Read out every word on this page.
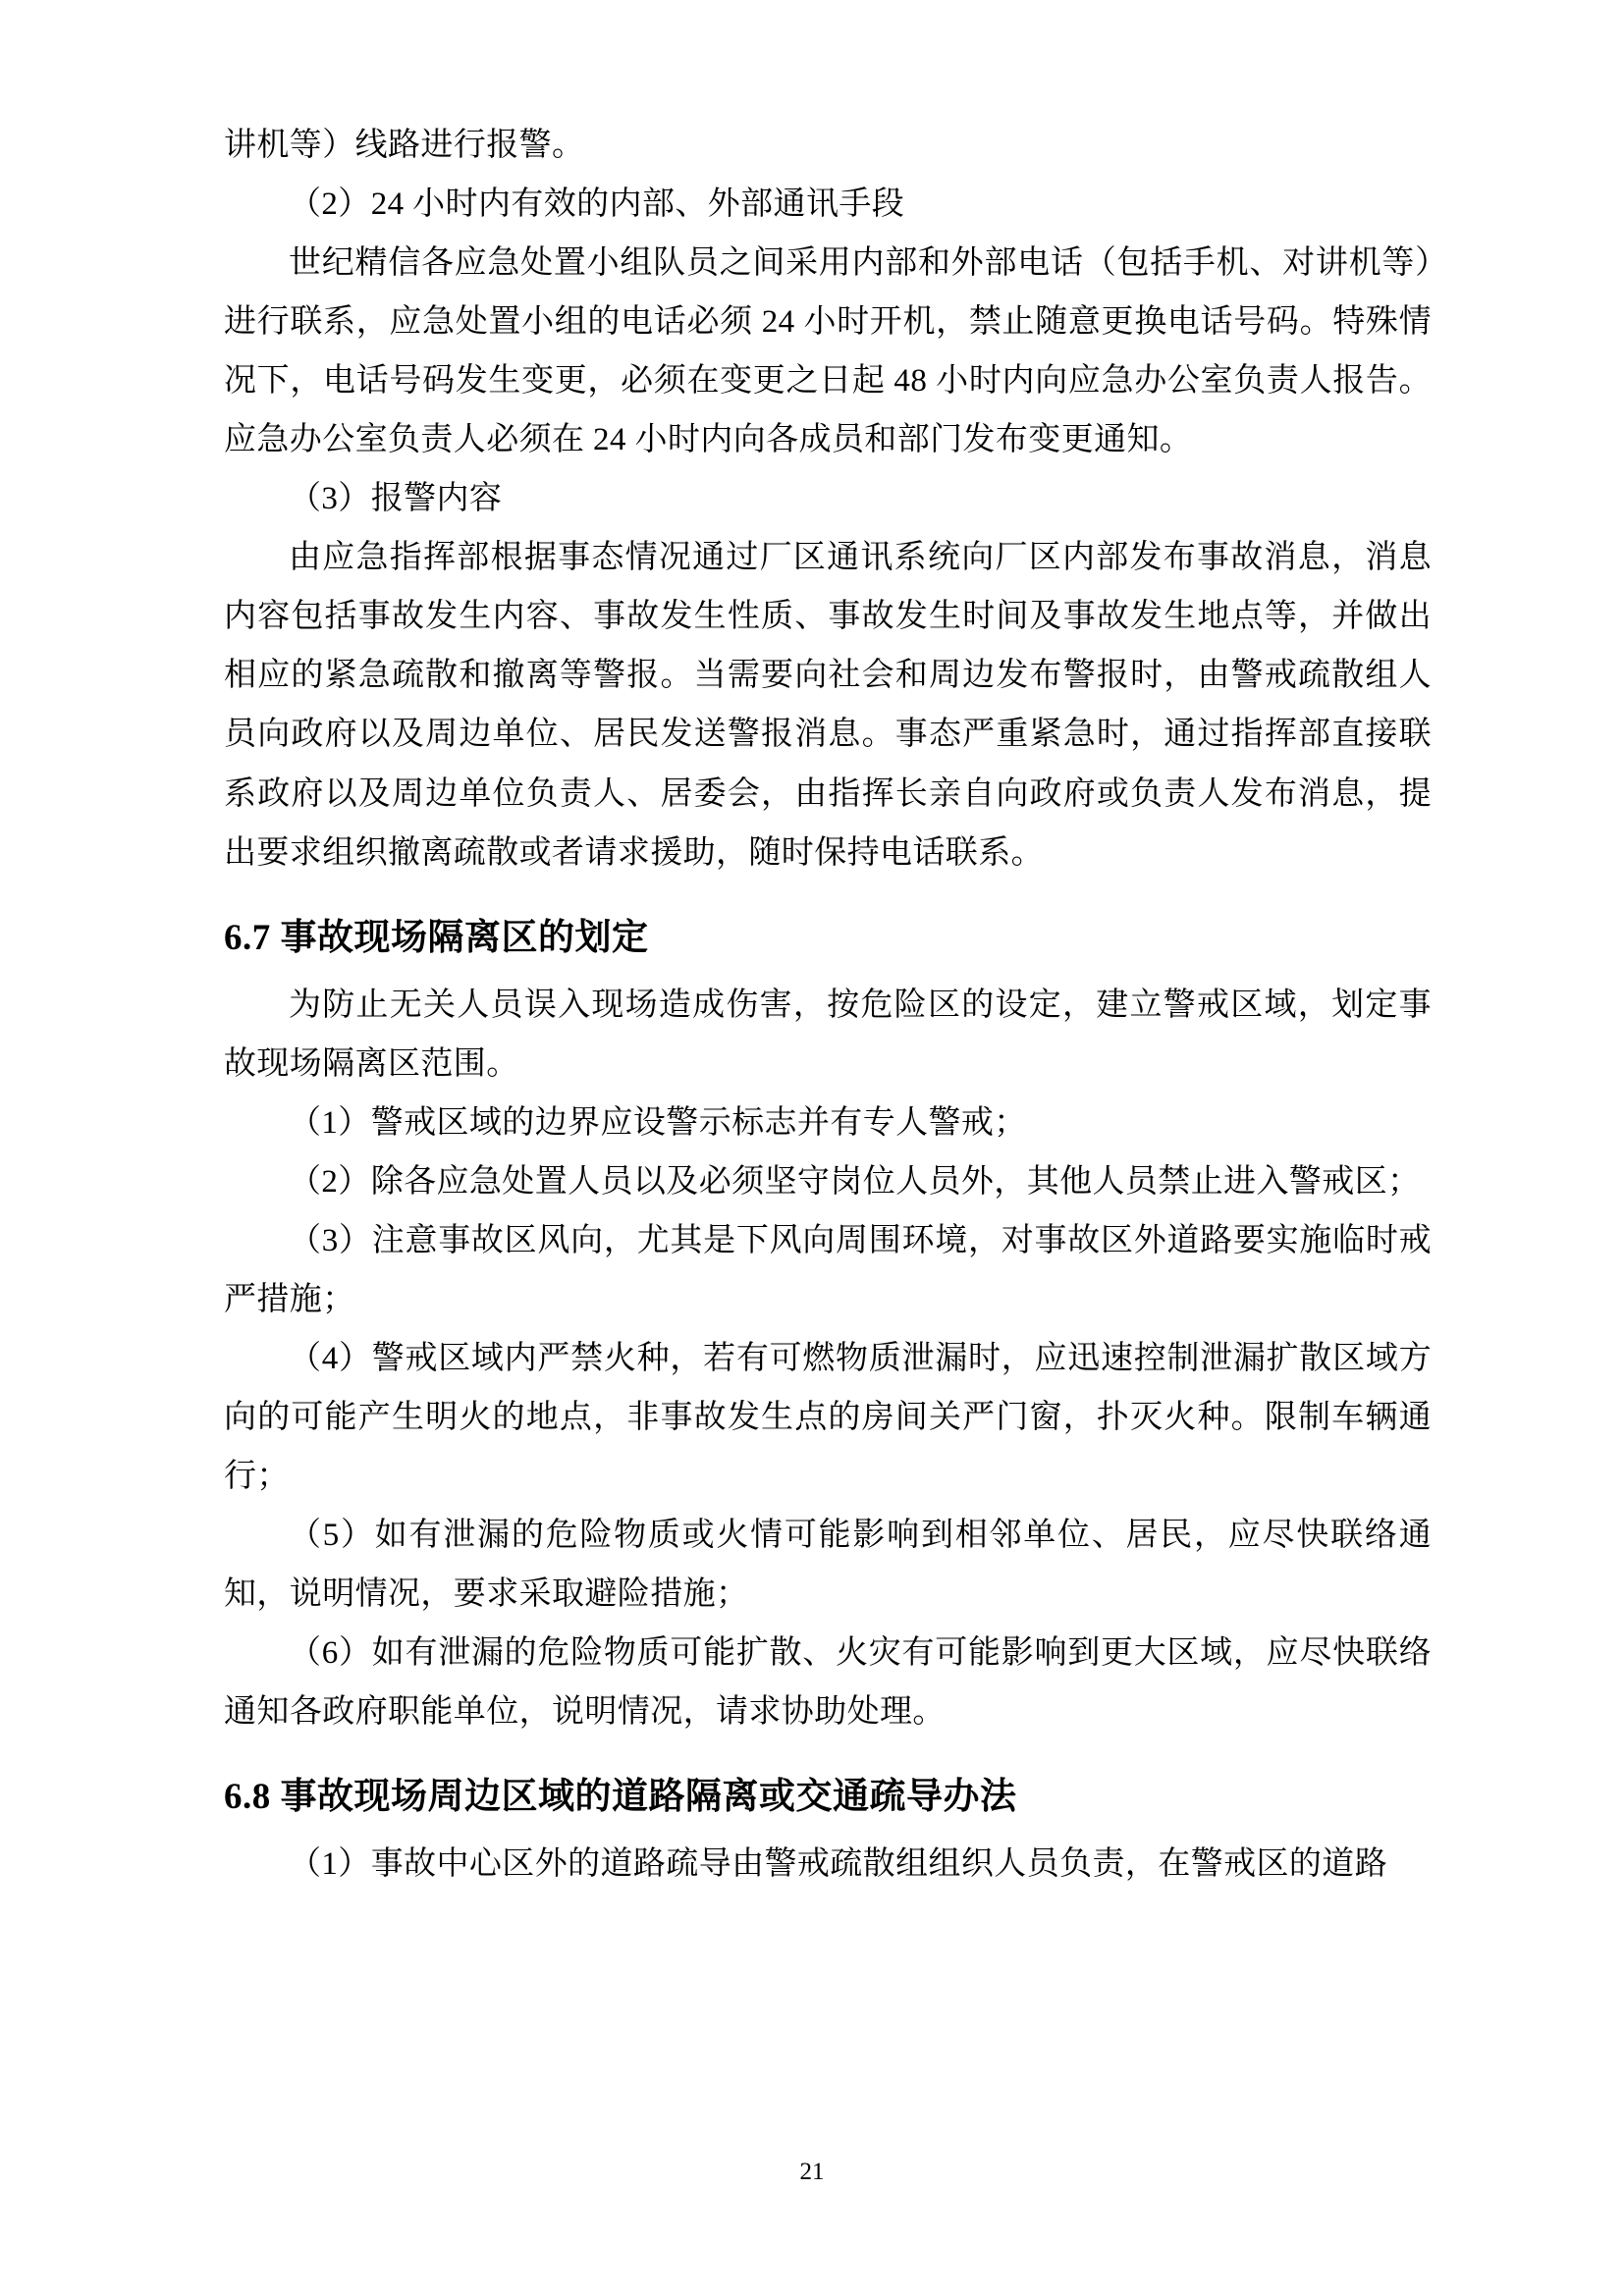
讲机等）线路进行报警。

（2）24 小时内有效的内部、外部通讯手段

世纪精信各应急处置小组队员之间采用内部和外部电话（包括手机、对讲机等）进行联系，应急处置小组的电话必须 24 小时开机，禁止随意更换电话号码。特殊情况下，电话号码发生变更，必须在变更之日起 48 小时内向应急办公室负责人报告。应急办公室负责人必须在 24 小时内向各成员和部门发布变更通知。

（3）报警内容

由应急指挥部根据事态情况通过厂区通讯系统向厂区内部发布事故消息，消息内容包括事故发生内容、事故发生性质、事故发生时间及事故发生地点等，并做出相应的紧急疏散和撤离等警报。当需要向社会和周边发布警报时，由警戒疏散组人员向政府以及周边单位、居民发送警报消息。事态严重紧急时，通过指挥部直接联系政府以及周边单位负责人、居委会，由指挥长亲自向政府或负责人发布消息，提出要求组织撤离疏散或者请求援助，随时保持电话联系。

6.7 事故现场隔离区的划定

为防止无关人员误入现场造成伤害，按危险区的设定，建立警戒区域，划定事故现场隔离区范围。

（1）警戒区域的边界应设警示标志并有专人警戒；

（2）除各应急处置人员以及必须坚守岗位人员外，其他人员禁止进入警戒区；

（3）注意事故区风向，尤其是下风向周围环境，对事故区外道路要实施临时戒严措施；

（4）警戒区域内严禁火种，若有可燃物质泄漏时，应迅速控制泄漏扩散区域方向的可能产生明火的地点，非事故发生点的房间关严门窗，扑灭火种。限制车辆通行；

（5）如有泄漏的危险物质或火情可能影响到相邻单位、居民，应尽快联络通知，说明情况，要求采取避险措施；

（6）如有泄漏的危险物质可能扩散、火灾有可能影响到更大区域，应尽快联络通知各政府职能单位，说明情况，请求协助处理。

6.8 事故现场周边区域的道路隔离或交通疏导办法

（1）事故中心区外的道路疏导由警戒疏散组组织人员负责，在警戒区的道路

21
